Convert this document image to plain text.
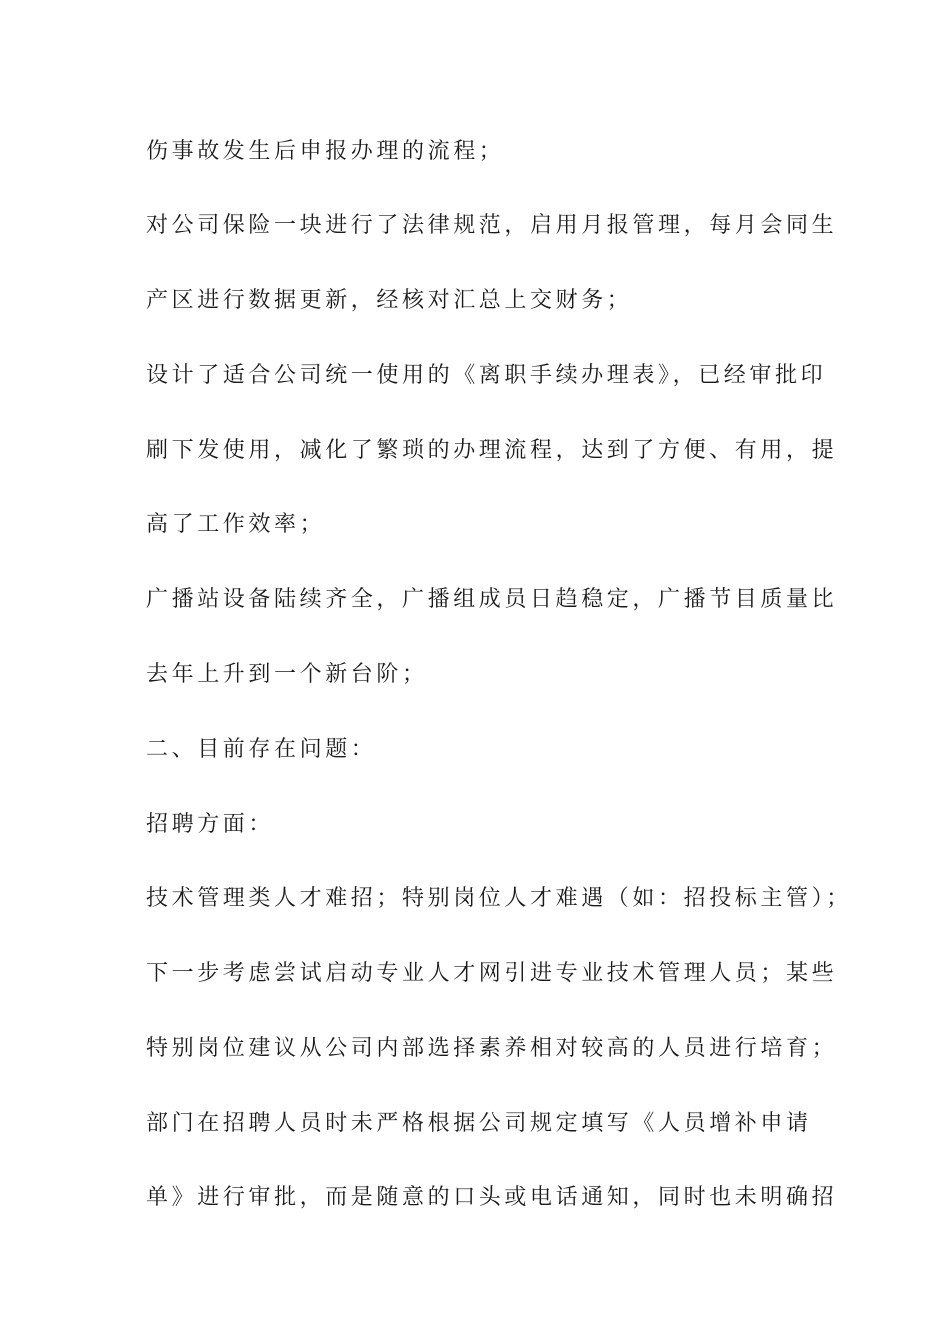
伤事故发生后申报办理的流程；
对公司保险一块进行了法律规范，启用月报管理，每月会同生
产区进行数据更新，经核对汇总上交财务；
设计了适合公司统一使用的《离职手续办理表》，已经审批印
刷下发使用，减化了繁琐的办理流程，达到了方便、有用，提
高了工作效率；
广播站设备陆续齐全，广播组成员日趋稳定，广播节目质量比
去年上升到一个新台阶；
二、目前存在问题：
招聘方面：
技术管理类人才难招；特别岗位人才难遇（如：招投标主管）；
下一步考虑尝试启动专业人才网引进专业技术管理人员；某些
特别岗位建议从公司内部选择素养相对较高的人员进行培育；
部门在招聘人员时未严格根据公司规定填写《人员增补申请
单》进行审批，而是随意的口头或电话通知，同时也未明确招
